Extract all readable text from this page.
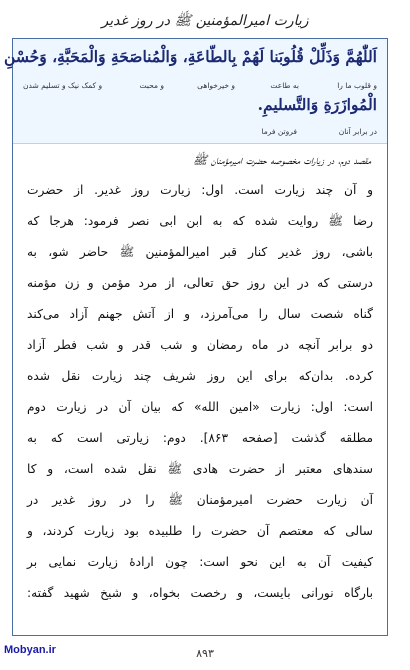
زیارت امیرالمؤمنین ﷺ در روز غدیر
اَللّٰهُمَّ وَذَلِّلْ قُلُوبَنا لَهُمْ بِالطّاعَةِ، وَالْمُناصَحَةِ وَالْمَحَبَّةِ، وَحُسْنِ
و قلوب ما را
به طاعت
و خیرخواهی
و محبت
و کمک نیک و تسلیم شدن
الْمُوازَرَةِ وَالتَّسليمِ.
در برابر آنان
فروتن فرما
مقصد دوم، در زیارات مخصوصه حضرت امیرمؤمنان ﷺ
و آن چند زیارت است. اول: زیارت روز غدیر. از حضرت
رضا ﷺ روایت شده که به ابن ابی نصر فرمود: هرجا که
باشی، روز غدیر کنار قبر امیرالمؤمنین ﷺ حاضر شو، به
درستی که در این روز حق تعالی، از مرد مؤمن و زن مؤمنه
گناه شصت سال را می‌آمرزد، و از آتش جهنم آزاد می‌کند
دو برابر آنچه در ماه رمضان و شب قدر و شب فطر آزاد
کرده. بدان‌که برای این روز شریف چند زیارت نقل شده
است: اول: زیارت «امین الله» که بیان آن در زیارت دوم
مطلقه گذشت [صفحه ۸۶۳]. دوم: زیارتی است که به
سندهای معتبر از حضرت هادی ﷺ نقل شده است، و کا
آن زیارت حضرت امیرمؤمنان ﷺ را در روز غدیر در
سالی که معتصم آن حضرت را طلبیده بود زیارت کردند، و
کیفیت آن به این نحو است: چون ارادهٔ زیارت نمایی بر
بارگاه نورانی بایست، و رخصت بخواه، و شیخ شهید گفته:
Mobyan.ir	۸۹۳
